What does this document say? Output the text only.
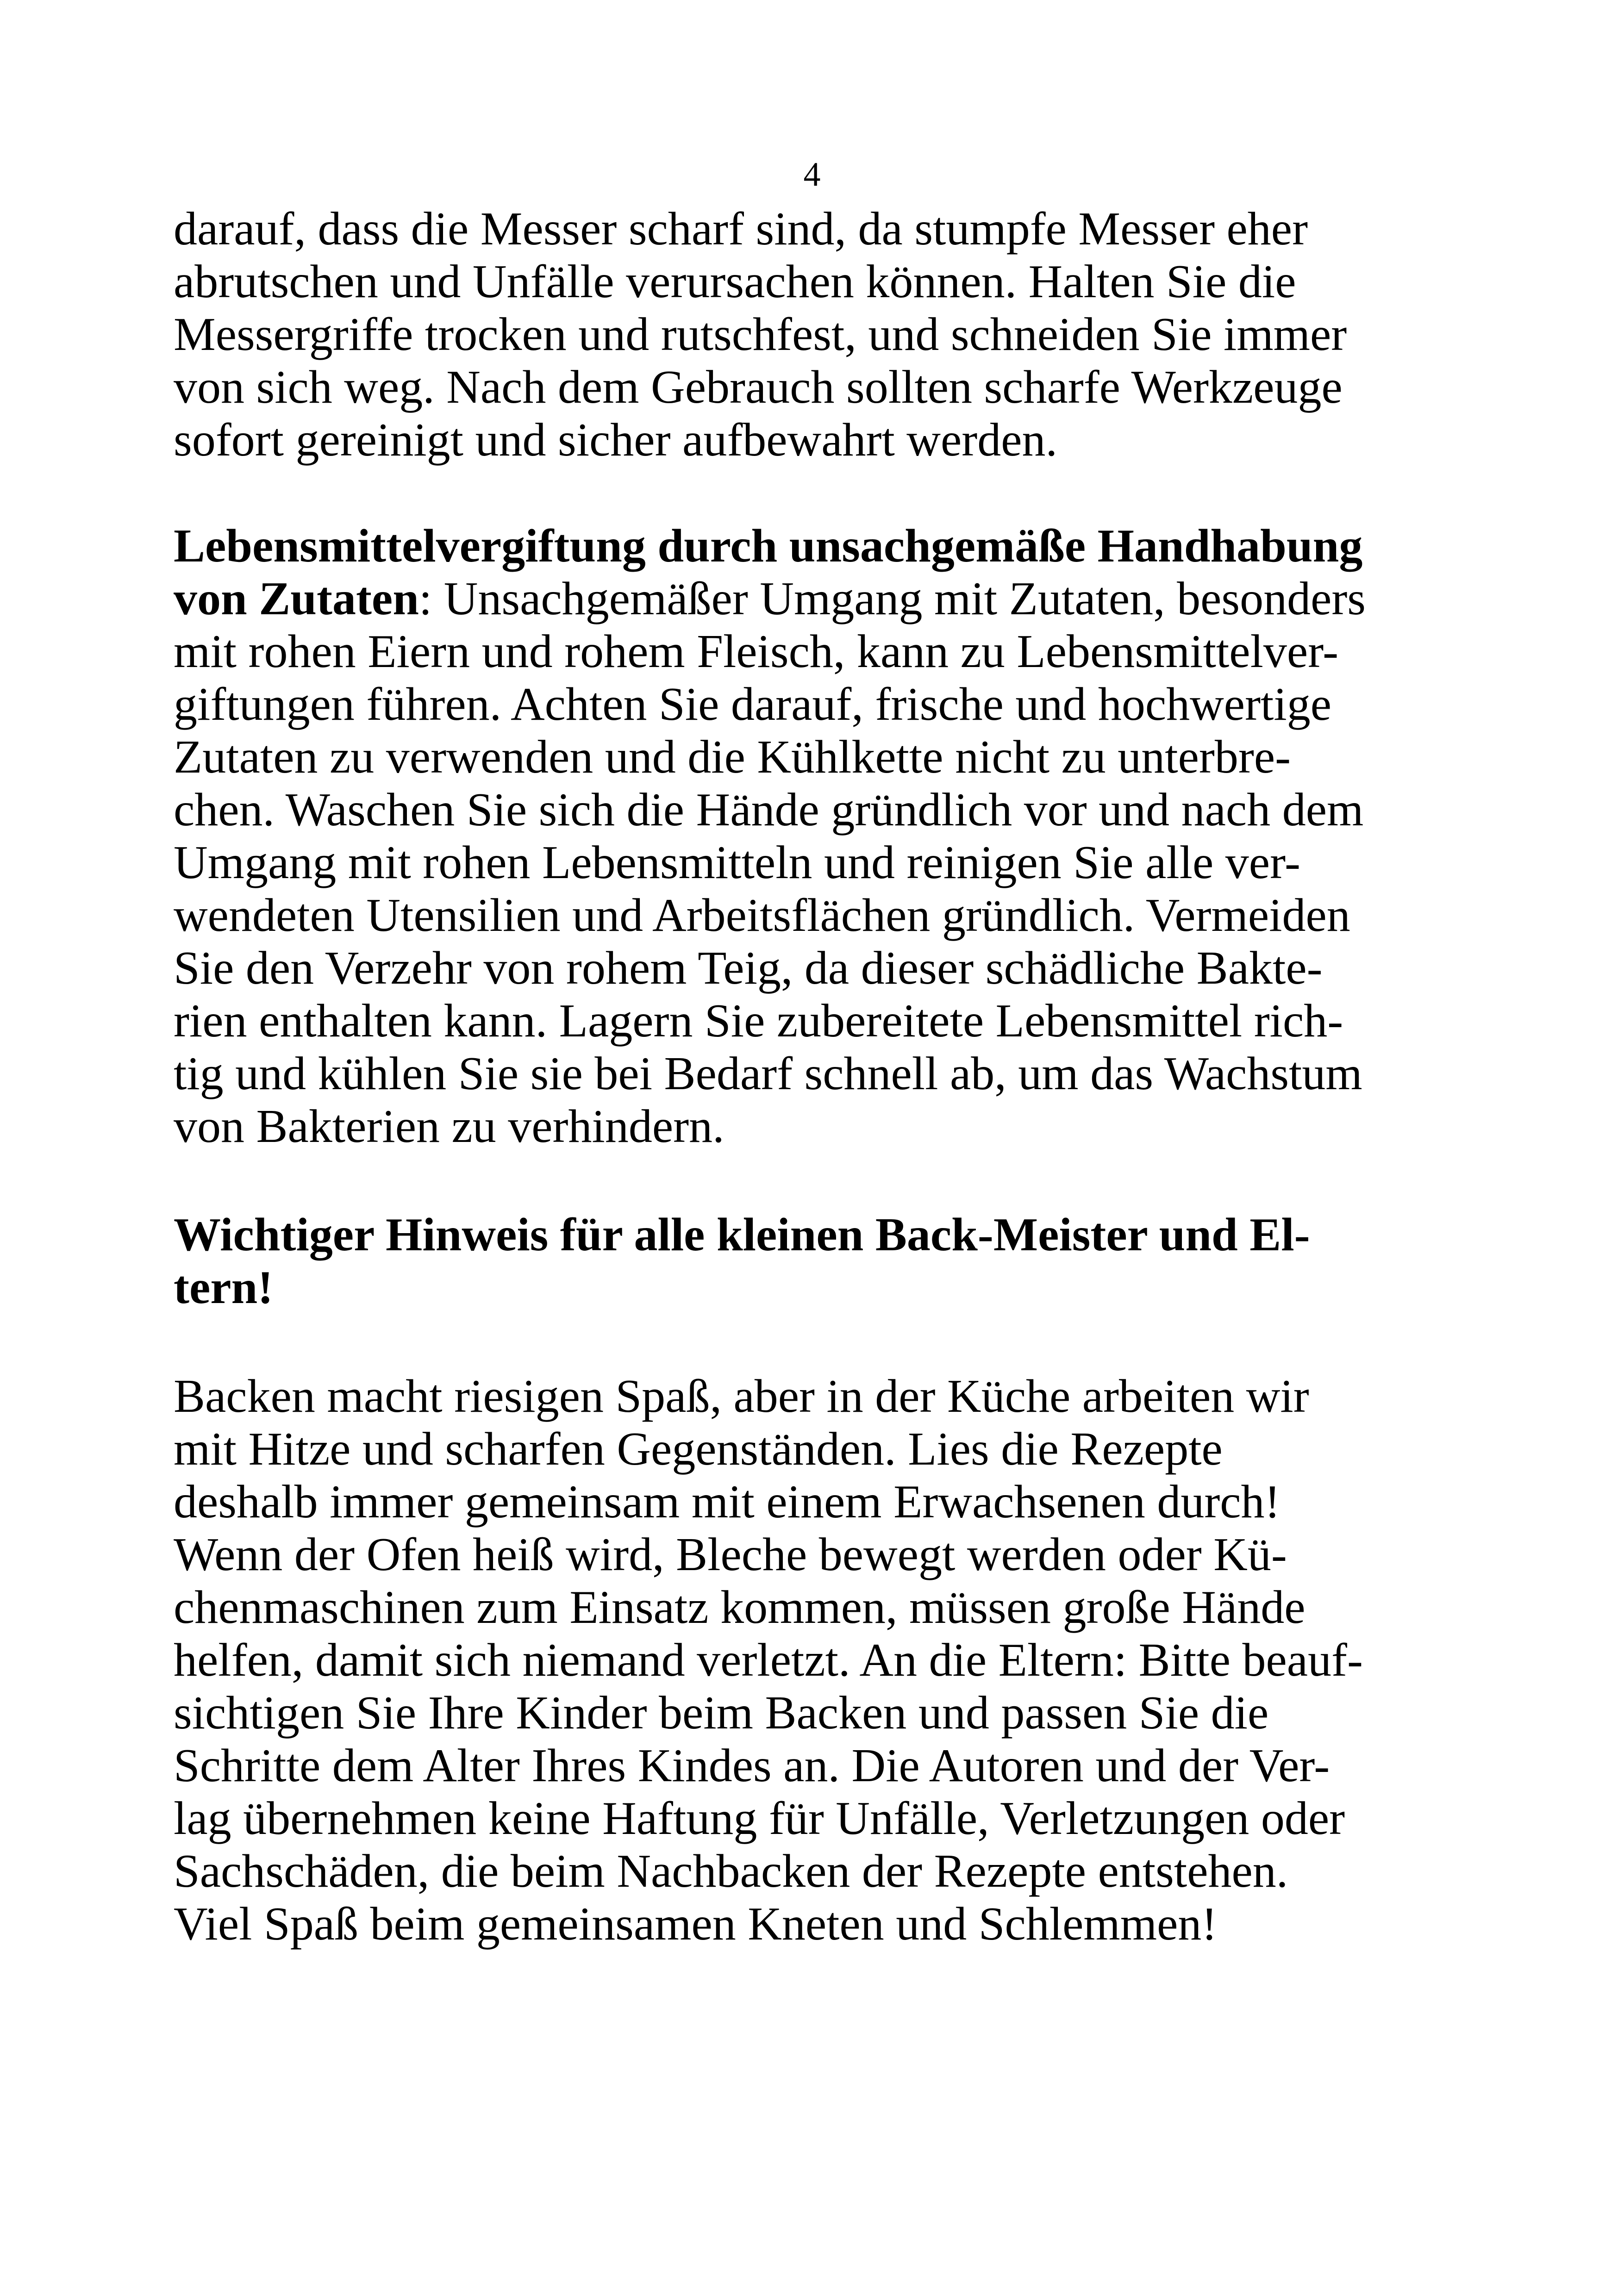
4
darauf, dass die Messer scharf sind, da stumpfe Messer eher
abrutschen und Unfälle verursachen können. Halten Sie die
Messergriffe trocken und rutschfest, und schneiden Sie immer
von sich weg. Nach dem Gebrauch sollten scharfe Werkzeuge
sofort gereinigt und sicher aufbewahrt werden.
Lebensmittelvergiftung durch unsachgemäße Handhabung
von Zutaten: Unsachgemäßer Umgang mit Zutaten, besonders
mit rohen Eiern und rohem Fleisch, kann zu Lebensmittelver-
giftungen führen. Achten Sie darauf, frische und hochwertige
Zutaten zu verwenden und die Kühlkette nicht zu unterbre-
chen. Waschen Sie sich die Hände gründlich vor und nach dem
Umgang mit rohen Lebensmitteln und reinigen Sie alle ver-
wendeten Utensilien und Arbeitsflächen gründlich. Vermeiden
Sie den Verzehr von rohem Teig, da dieser schädliche Bakte-
rien enthalten kann. Lagern Sie zubereitete Lebensmittel rich-
tig und kühlen Sie sie bei Bedarf schnell ab, um das Wachstum
von Bakterien zu verhindern.
Wichtiger Hinweis für alle kleinen Back-Meister und El-
tern!
Backen macht riesigen Spaß, aber in der Küche arbeiten wir
mit Hitze und scharfen Gegenständen. Lies die Rezepte
deshalb immer gemeinsam mit einem Erwachsenen durch!
Wenn der Ofen heiß wird, Bleche bewegt werden oder Kü-
chenmaschinen zum Einsatz kommen, müssen große Hände
helfen, damit sich niemand verletzt. An die Eltern: Bitte beauf-
sichtigen Sie Ihre Kinder beim Backen und passen Sie die
Schritte dem Alter Ihres Kindes an. Die Autoren und der Ver-
lag übernehmen keine Haftung für Unfälle, Verletzungen oder
Sachschäden, die beim Nachbacken der Rezepte entstehen.
Viel Spaß beim gemeinsamen Kneten und Schlemmen!
